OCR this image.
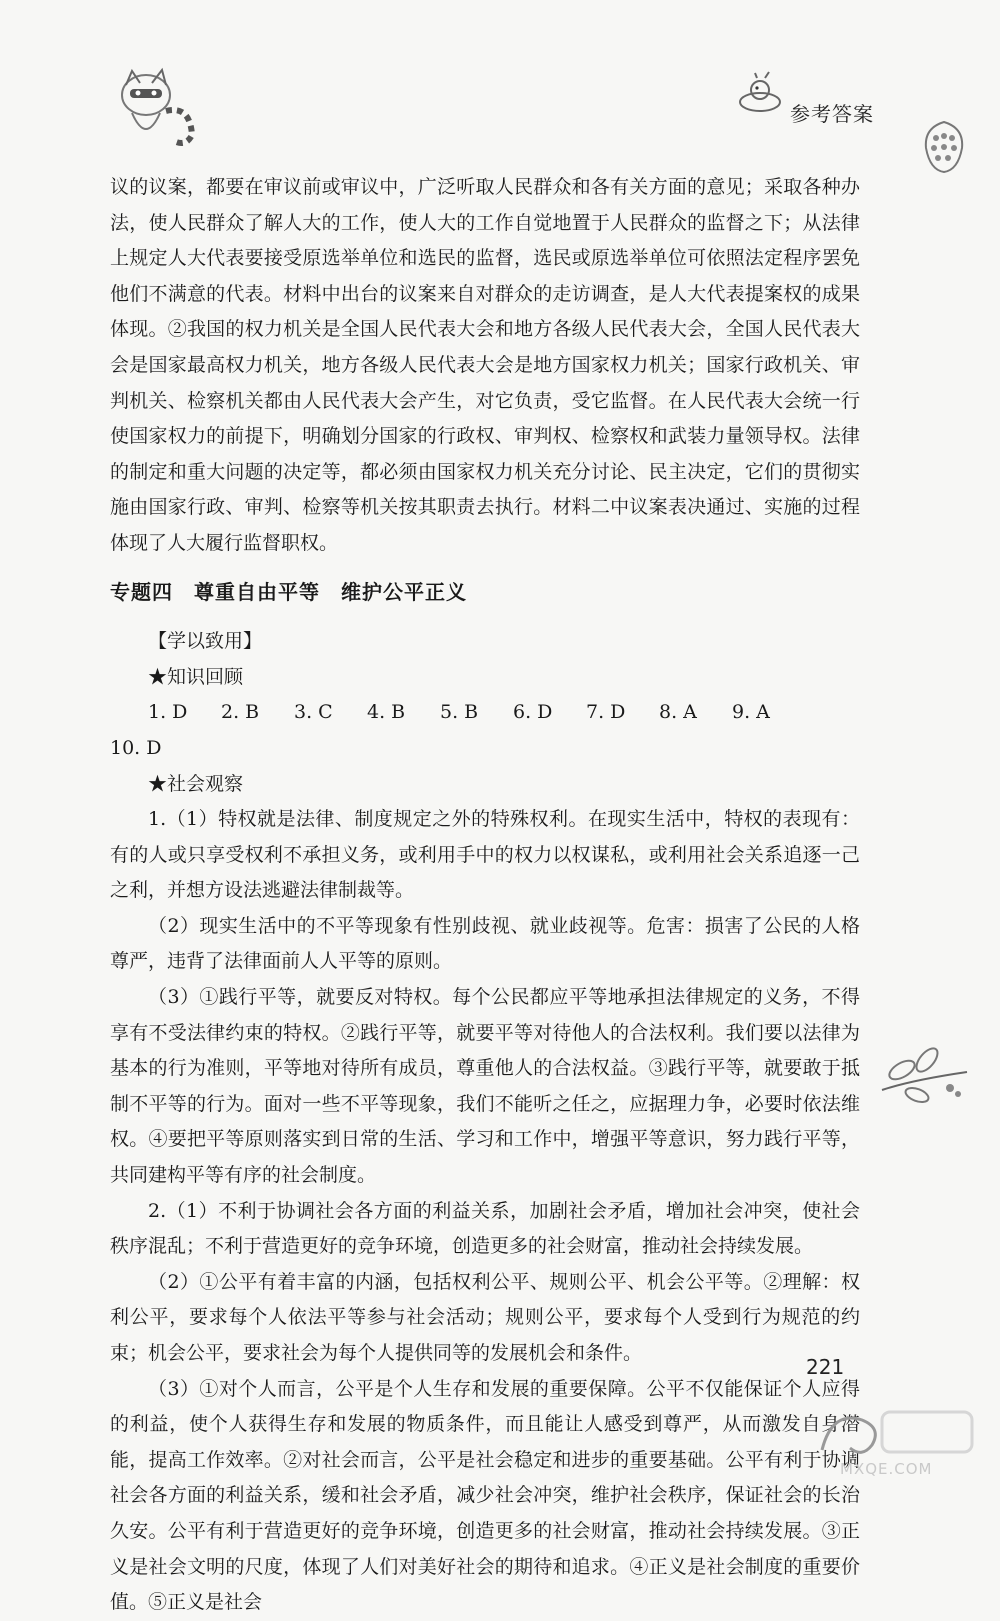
参考答案

议的议案，都要在审议前或审议中，广泛听取人民群众和各有关方面的意见；采取各种办法，使人民群众了解人大的工作，使人大的工作自觉地置于人民群众的监督之下；从法律上规定人大代表要接受原选举单位和选民的监督，选民或原选举单位可依照法定程序罢免他们不满意的代表。材料中出台的议案来自对群众的走访调查，是人大代表提案权的成果体现。②我国的权力机关是全国人民代表大会和地方各级人民代表大会，全国人民代表大会是国家最高权力机关，地方各级人民代表大会是地方国家权力机关；国家行政机关、审判机关、检察机关都由人民代表大会产生，对它负责，受它监督。在人民代表大会统一行使国家权力的前提下，明确划分国家的行政权、审判权、检察权和武装力量领导权。法律的制定和重大问题的决定等，都必须由国家权力机关充分讨论、民主决定，它们的贯彻实施由国家行政、审判、检察等机关按其职责去执行。材料二中议案表决通过、实施的过程体现了人大履行监督职权。

专题四　尊重自由平等　维护公平正义

【学以致用】

★知识回顾

1. D	2. B	3. C	4. B	5. B	6. D	7. D	8. A	9. A

10. D

★社会观察

1.（1）特权就是法律、制度规定之外的特殊权利。在现实生活中，特权的表现有：有的人或只享受权利不承担义务，或利用手中的权力以权谋私，或利用社会关系追逐一己之利，并想方设法逃避法律制裁等。

（2）现实生活中的不平等现象有性别歧视、就业歧视等。危害：损害了公民的人格尊严，违背了法律面前人人平等的原则。

（3）①践行平等，就要反对特权。每个公民都应平等地承担法律规定的义务，不得享有不受法律约束的特权。②践行平等，就要平等对待他人的合法权利。我们要以法律为基本的行为准则，平等地对待所有成员，尊重他人的合法权益。③践行平等，就要敢于抵制不平等的行为。面对一些不平等现象，我们不能听之任之，应据理力争，必要时依法维权。④要把平等原则落实到日常的生活、学习和工作中，增强平等意识，努力践行平等，共同建构平等有序的社会制度。

2.（1）不利于协调社会各方面的利益关系，加剧社会矛盾，增加社会冲突，使社会秩序混乱；不利于营造更好的竞争环境，创造更多的社会财富，推动社会持续发展。

（2）①公平有着丰富的内涵，包括权利公平、规则公平、机会公平等。②理解：权利公平，要求每个人依法平等参与社会活动；规则公平，要求每个人受到行为规范的约束；机会公平，要求社会为每个人提供同等的发展机会和条件。

（3）①对个人而言，公平是个人生存和发展的重要保障。公平不仅能保证个人应得的利益，使个人获得生存和发展的物质条件，而且能让人感受到尊严，从而激发自身潜能，提高工作效率。②对社会而言，公平是社会稳定和进步的重要基础。公平有利于协调社会各方面的利益关系，缓和社会矛盾，减少社会冲突，维护社会秩序，保证社会的长治久安。公平有利于营造更好的竞争环境，创造更多的社会财富，推动社会持续发展。③正义是社会文明的尺度，体现了人们对美好社会的期待和追求。④正义是社会制度的重要价值。⑤正义是社会

221
MXQE.COM
